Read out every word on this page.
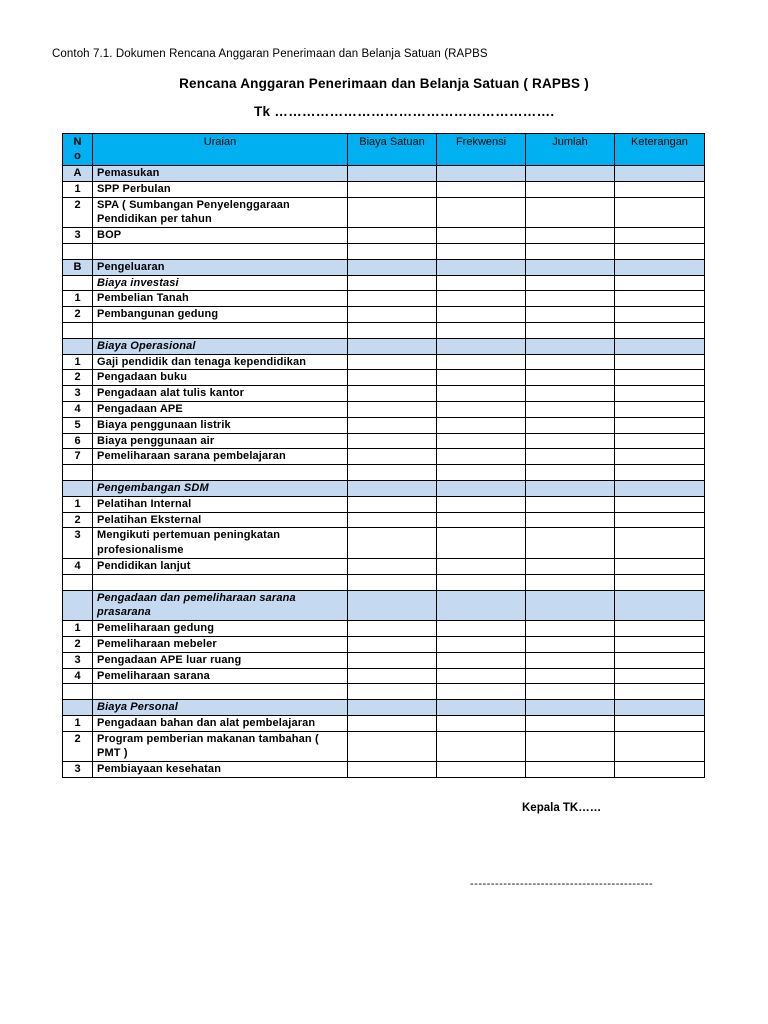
Contoh 7.1. Dokumen Rencana Anggaran Penerimaan dan Belanja Satuan (RAPBS
Rencana Anggaran Penerimaan dan Belanja Satuan ( RAPBS )
Tk …………………………………………………….
N
o	Uraian	Biaya Satuan	Frekwensi	Jumlah	Keterangan
A	Pemasukan				
1	SPP Perbulan				
2	SPA ( Sumbangan Penyelenggaraan Pendidikan per tahun				
3	BOP				

B	Pengeluaran				
	Biaya investasi				
1	Pembelian Tanah				
2	Pembangunan gedung				

	Biaya Operasional				
1	Gaji pendidik dan tenaga kependidikan				
2	Pengadaan buku				
3	Pengadaan alat tulis kantor				
4	Pengadaan APE				
5	Biaya penggunaan listrik				
6	Biaya penggunaan air				
7	Pemeliharaan sarana pembelajaran				

	Pengembangan SDM				
1	Pelatihan Internal				
2	Pelatihan Eksternal				
3	Mengikuti pertemuan peningkatan profesionalisme				
4	Pendidikan lanjut				

	Pengadaan dan pemeliharaan sarana prasarana				
1	Pemeliharaan gedung				
2	Pemeliharaan mebeler				
3	Pengadaan APE luar ruang				
4	Pemeliharaan sarana				

	Biaya Personal				
1	Pengadaan bahan dan alat pembelajaran				
2	Program pemberian makanan tambahan ( PMT )				
3	Pembiayaan kesehatan				
Kepala TK……
--------------------------------------------
